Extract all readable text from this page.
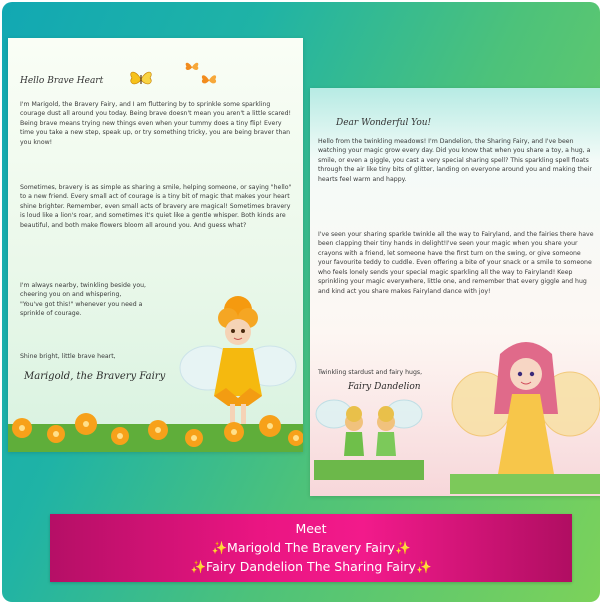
Hello Brave Heart
I'm Marigold, the Bravery Fairy, and I am fluttering by to sprinkle some sparkling courage dust all around you today. Being brave doesn't mean you aren't a little scared! Being brave means trying new things even when your tummy does a tiny flip! Every time you take a new step, speak up, or try something tricky, you are being braver than you know!
Sometimes, bravery is as simple as sharing a smile, helping someone, or saying "hello" to a new friend. Every small act of courage is a tiny bit of magic that makes your heart shine brighter. Remember, even small acts of bravery are magical! Sometimes bravery is loud like a lion's roar, and sometimes it's quiet like a gentle whisper. Both kinds are beautiful, and both make flowers bloom all around you. And guess what?
I'm always nearby, twinkling beside you,
cheering you on and whispering,
"You've got this!" whenever you need a
sprinkle of courage.
Shine bright, little brave heart,
Marigold, the Bravery Fairy
Dear Wonderful You!
Hello from the twinkling meadows! I'm Dandelion, the Sharing Fairy, and I've been watching your magic grow every day. Did you know that when you share a toy, a hug, a smile, or even a giggle, you cast a very special sharing spell? This sparkling spell floats through the air like tiny bits of glitter, landing on everyone around you and making their hearts feel warm and happy.
I've seen your sharing sparkle twinkle all the way to Fairyland, and the fairies there have been clapping their tiny hands in delight!I've seen your magic when you share your crayons with a friend, let someone have the first turn on the swing, or give someone your favourite teddy to cuddle. Even offering a bite of your snack or a smile to someone who feels lonely sends your special magic sparkling all the way to Fairyland! Keep sprinkling your magic everywhere, little one, and remember that every giggle and hug and kind act you share makes Fairyland dance with joy!
Twinkling stardust and fairy hugs,
Fairy Dandelion
Meet
✨Marigold The Bravery Fairy✨
✨Fairy Dandelion The Sharing Fairy✨
